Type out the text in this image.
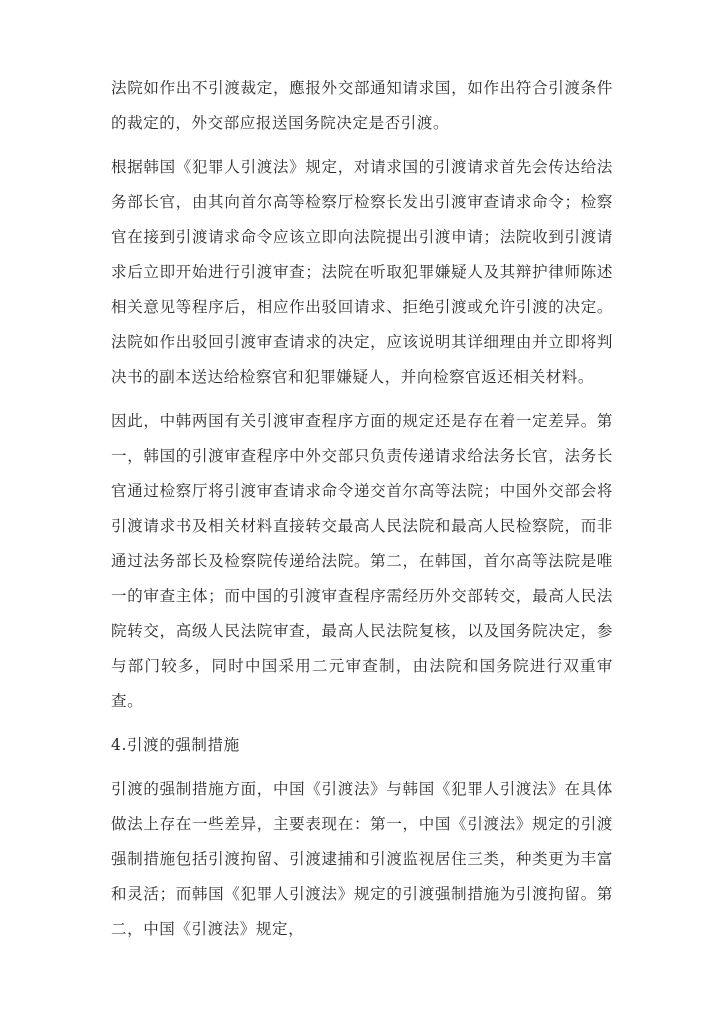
法院如作出不引渡裁定，應报外交部通知请求国，如作出符合引渡条件的裁定的，外交部应报送国务院决定是否引渡。

根据韩国《犯罪人引渡法》规定，对请求国的引渡请求首先会传达给法务部长官，由其向首尔高等检察厅检察长发出引渡审查请求命令；检察官在接到引渡请求命令应该立即向法院提出引渡申请；法院收到引渡请求后立即开始进行引渡审查；法院在听取犯罪嫌疑人及其辩护律师陈述相关意见等程序后，相应作出驳回请求、拒绝引渡或允许引渡的决定。法院如作出驳回引渡审查请求的决定，应该说明其详细理由并立即将判决书的副本送达给检察官和犯罪嫌疑人，并向检察官返还相关材料。

因此，中韩两国有关引渡审查程序方面的规定还是存在着一定差异。第一，韩国的引渡审查程序中外交部只负责传递请求给法务长官，法务长官通过检察厅将引渡审查请求命令递交首尔高等法院；中国外交部会将引渡请求书及相关材料直接转交最高人民法院和最高人民检察院，而非通过法务部长及检察院传递给法院。第二，在韩国，首尔高等法院是唯一的审查主体；而中国的引渡审查程序需经历外交部转交，最高人民法院转交，高级人民法院审查，最高人民法院复核，以及国务院决定，参与部门较多，同时中国采用二元审查制，由法院和国务院进行双重审查。

4.引渡的强制措施

引渡的强制措施方面，中国《引渡法》与韩国《犯罪人引渡法》在具体做法上存在一些差异，主要表现在：第一，中国《引渡法》规定的引渡强制措施包括引渡拘留、引渡逮捕和引渡监视居住三类，种类更为丰富和灵活；而韩国《犯罪人引渡法》规定的引渡强制措施为引渡拘留。第二，中国《引渡法》规定，
